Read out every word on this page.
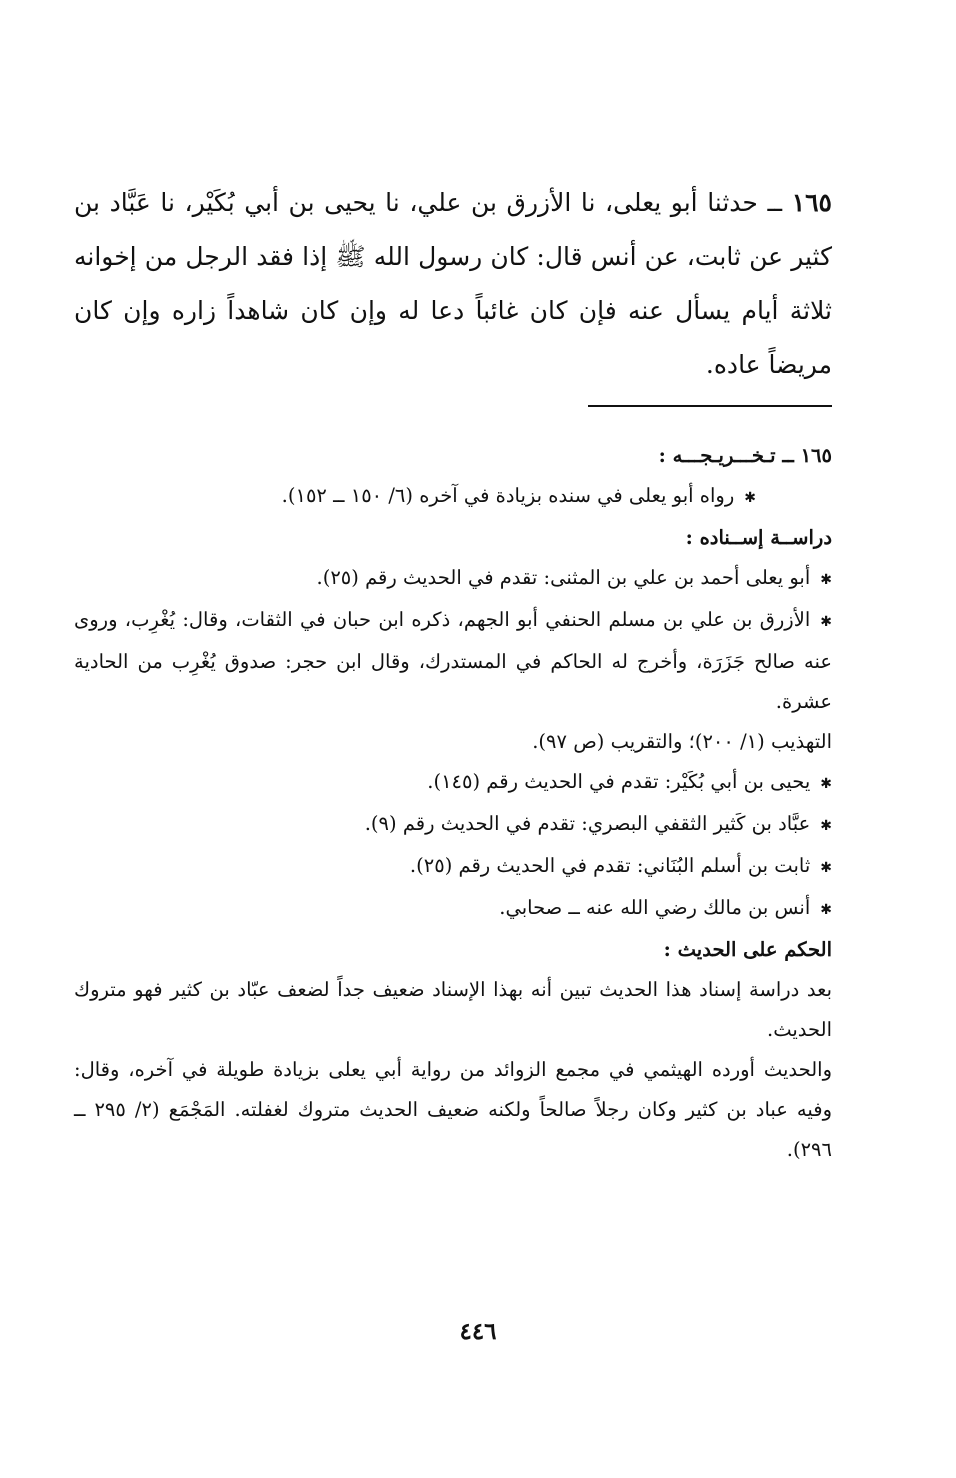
١٦٥ ــ حدثنا أبو يعلى، نا الأزرق بن علي، نا يحيى بن أبي بُكَيْر، نا عَبَّاد بن كثير عن ثابت، عن أنس قال: كان رسول الله ﷺ إذا فقد الرجل من إخوانه ثلاثة أيام يسأل عنه فإن كان غائباً دعا له وإن كان شاهداً زاره وإن كان مريضاً عاده.

١٦٥ ــ تـخـــريـجـــه :

✱رواه أبو يعلى في سنده بزيادة في آخره (٦/ ١٥٠ ــ ١٥٢).

دراســة إســناده :

✱أبو يعلى أحمد بن علي بن المثنى: تقدم في الحديث رقم (٢٥).

✱الأزرق بن علي بن مسلم الحنفي أبو الجهم، ذكره ابن حبان في الثقات، وقال: يُغْرِب، وروى عنه صالح جَزَرَة، وأخرج له الحاكم في المستدرك، وقال ابن حجر: صدوق يُغْرِب من الحادية عشرة.

التهذيب (١/ ٢٠٠)؛ والتقريب (ص ٩٧).

✱يحيى بن أبي بُكَيْر: تقدم في الحديث رقم (١٤٥).

✱عبَّاد بن كَثير الثقفي البصري: تقدم في الحديث رقم (٩).

✱ثابت بن أسلم البُنَاني: تقدم في الحديث رقم (٢٥).

✱أنس بن مالك رضي الله عنه ــ صحابي.

الحكم على الحديث :

بعد دراسة إسناد هذا الحديث تبين أنه بهذا الإسناد ضعيف جداً لضعف عبّاد بن كثير فهو متروك الحديث.

والحديث أورده الهيثمي في مجمع الزوائد من رواية أبي يعلى بزيادة طويلة في آخره، وقال: وفيه عباد بن كثير وكان رجلاً صالحاً ولكنه ضعيف الحديث متروك لغفلته. المَجْمَع (٢/ ٢٩٥ ــ ٢٩٦).

٤٤٦
